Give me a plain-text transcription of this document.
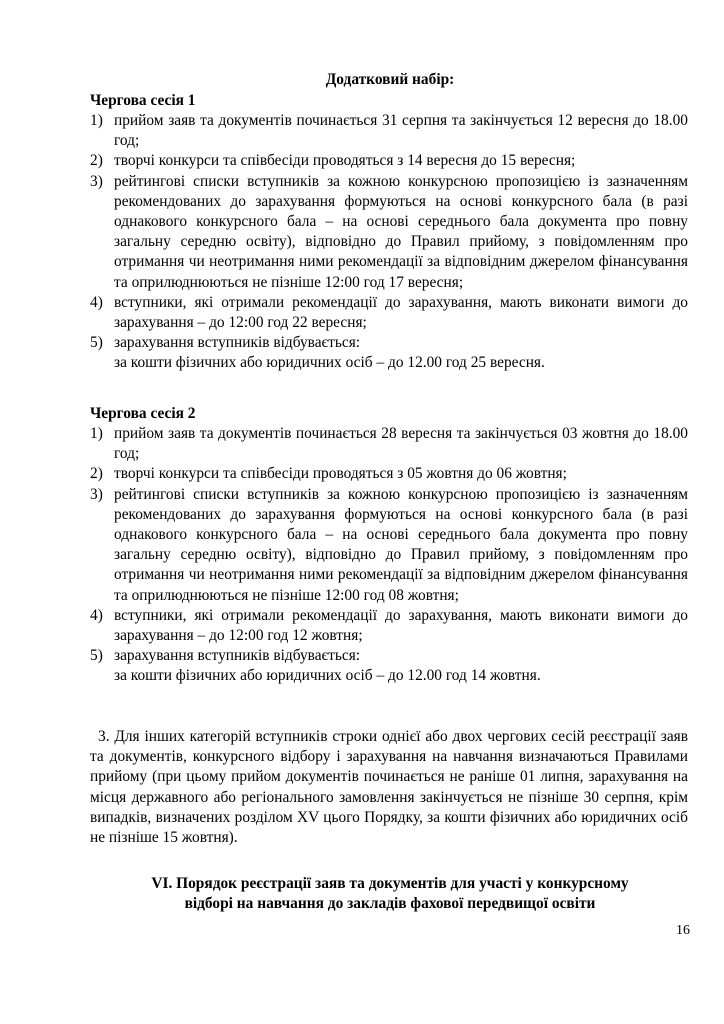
Додатковий набір:
Чергова сесія 1
1) прийом заяв та документів починається 31 серпня та закінчується 12 вересня до 18.00 год;
2) творчі конкурси та співбесіди проводяться з 14 вересня до 15 вересня;
3) рейтингові списки вступників за кожною конкурсною пропозицією із зазначенням рекомендованих до зарахування формуються на основі конкурсного бала (в разі однакового конкурсного бала – на основі середнього бала документа про повну загальну середню освіту), відповідно до Правил прийому, з повідомленням про отримання чи неотримання ними рекомендації за відповідним джерелом фінансування та оприлюднюються не пізніше 12:00 год 17 вересня;
4) вступники, які отримали рекомендації до зарахування, мають виконати вимоги до зарахування – до 12:00 год 22 вересня;
5) зарахування вступників відбувається:
за кошти фізичних або юридичних осіб – до 12.00 год 25 вересня.
Чергова сесія 2
1) прийом заяв та документів починається 28 вересня та закінчується 03 жовтня до 18.00 год;
2) творчі конкурси та співбесіди проводяться з 05 жовтня до 06 жовтня;
3) рейтингові списки вступників за кожною конкурсною пропозицією із зазначенням рекомендованих до зарахування формуються на основі конкурсного бала (в разі однакового конкурсного бала – на основі середнього бала документа про повну загальну середню освіту), відповідно до Правил прийому, з повідомленням про отримання чи неотримання ними рекомендації за відповідним джерелом фінансування та оприлюднюються не пізніше 12:00 год 08 жовтня;
4) вступники, які отримали рекомендації до зарахування, мають виконати вимоги до зарахування – до 12:00 год 12 жовтня;
5) зарахування вступників відбувається:
за кошти фізичних або юридичних осіб – до 12.00 год 14 жовтня.
3. Для інших категорій вступників строки однієї або двох чергових сесій реєстрації заяв та документів, конкурсного відбору і зарахування на навчання визначаються Правилами прийому (при цьому прийом документів починається не раніше 01 липня, зарахування на місця державного або регіонального замовлення закінчується не пізніше 30 серпня, крім випадків, визначених розділом XV цього Порядку, за кошти фізичних або юридичних осіб не пізніше 15 жовтня).
VI. Порядок реєстрації заяв та документів для участі у конкурсному
відборі на навчання до закладів фахової передвищої освіти
16
